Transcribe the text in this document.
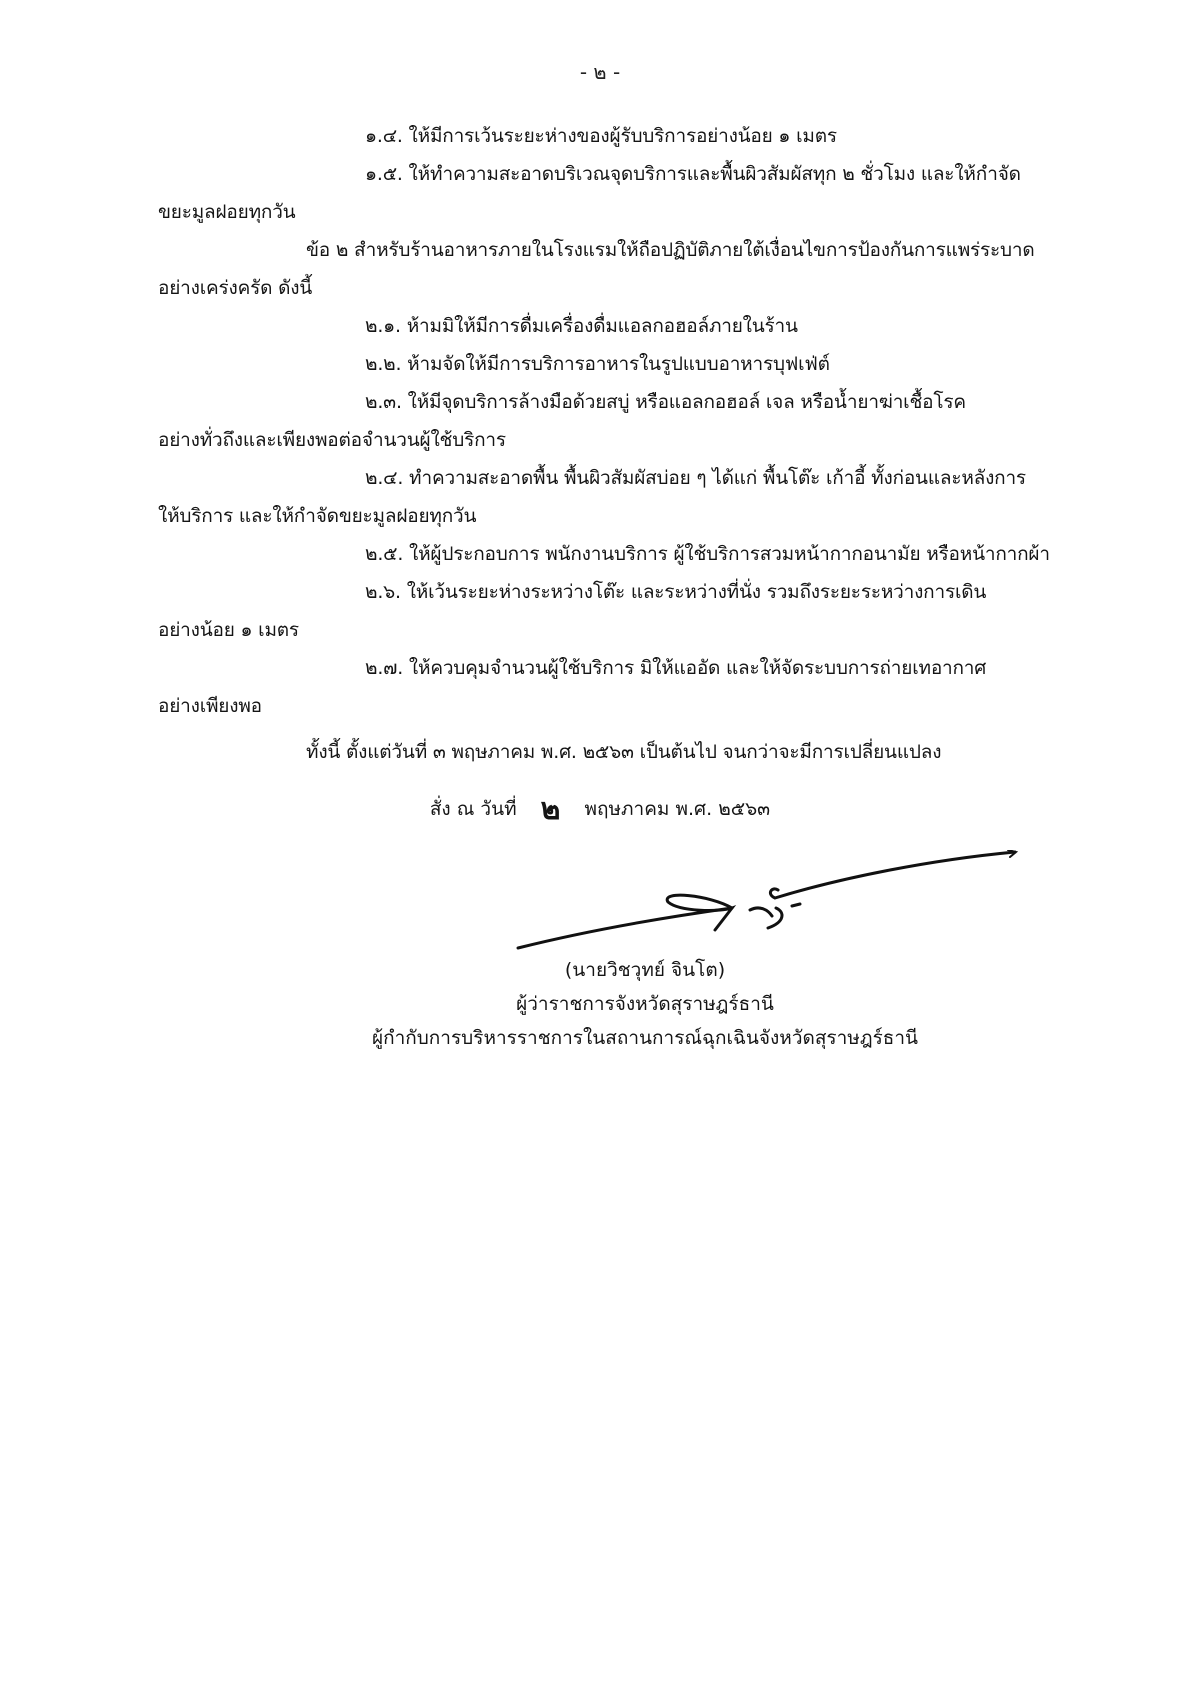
- ๒ -
๑.๔. ให้มีการเว้นระยะห่างของผู้รับบริการอย่างน้อย ๑ เมตร
๑.๕. ให้ทำความสะอาดบริเวณจุดบริการและพื้นผิวสัมผัสทุก ๒ ชั่วโมง และให้กำจัด
ขยะมูลฝอยทุกวัน
ข้อ ๒ สำหรับร้านอาหารภายในโรงแรมให้ถือปฏิบัติภายใต้เงื่อนไขการป้องกันการแพร่ระบาด
อย่างเคร่งครัด ดังนี้
๒.๑. ห้ามมิให้มีการดื่มเครื่องดื่มแอลกอฮอล์ภายในร้าน
๒.๒. ห้ามจัดให้มีการบริการอาหารในรูปแบบอาหารบุฟเฟ่ต์
๒.๓. ให้มีจุดบริการล้างมือด้วยสบู่ หรือแอลกอฮอล์ เจล หรือน้ำยาฆ่าเชื้อโรค
อย่างทั่วถึงและเพียงพอต่อจำนวนผู้ใช้บริการ
๒.๔. ทำความสะอาดพื้น พื้นผิวสัมผัสบ่อย ๆ ได้แก่ พื้นโต๊ะ เก้าอี้ ทั้งก่อนและหลังการ
ให้บริการ และให้กำจัดขยะมูลฝอยทุกวัน
๒.๕. ให้ผู้ประกอบการ พนักงานบริการ ผู้ใช้บริการสวมหน้ากากอนามัย หรือหน้ากากผ้า
๒.๖. ให้เว้นระยะห่างระหว่างโต๊ะ และระหว่างที่นั่ง รวมถึงระยะระหว่างการเดิน
อย่างน้อย ๑ เมตร
๒.๗. ให้ควบคุมจำนวนผู้ใช้บริการ มิให้แออัด และให้จัดระบบการถ่ายเทอากาศ
อย่างเพียงพอ
ทั้งนี้ ตั้งแต่วันที่ ๓ พฤษภาคม พ.ศ. ๒๕๖๓ เป็นต้นไป จนกว่าจะมีการเปลี่ยนแปลง
สั่ง ณ วันที่ ๒ พฤษภาคม พ.ศ. ๒๕๖๓
(นายวิชวุทย์ จินโต)
ผู้ว่าราชการจังหวัดสุราษฎร์ธานี
ผู้กำกับการบริหารราชการในสถานการณ์ฉุกเฉินจังหวัดสุราษฎร์ธานี
